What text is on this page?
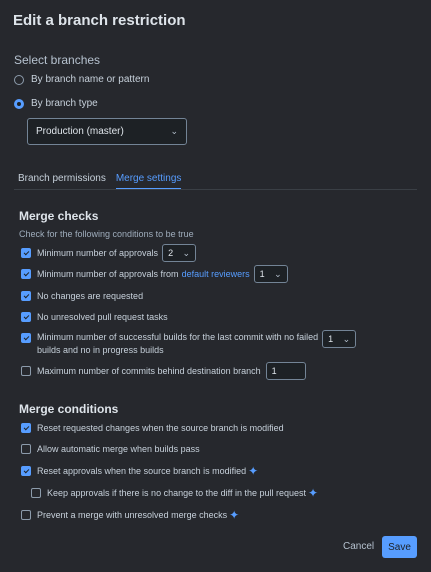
Edit a branch restriction
Select branches
By branch name or pattern
By branch type
Production (master)	⌄
Branch permissions Merge settings
Merge checks
Check for the following conditions to be true
Minimum number of approvals 2 ⌄
Minimum number of approvals from default reviewers 1 ⌄
No changes are requested
No unresolved pull request tasks
Minimum number of successful builds for the last commit with no failed
builds and no in progress builds
1 ⌄
Maximum number of commits behind destination branch	1
Merge conditions
Reset requested changes when the source branch is modified
Allow automatic merge when builds pass
Reset approvals when the source branch is modified ✦
Keep approvals if there is no change to the diff in the pull request ✦
Prevent a merge with unresolved merge checks ✦
Cancel	Save
